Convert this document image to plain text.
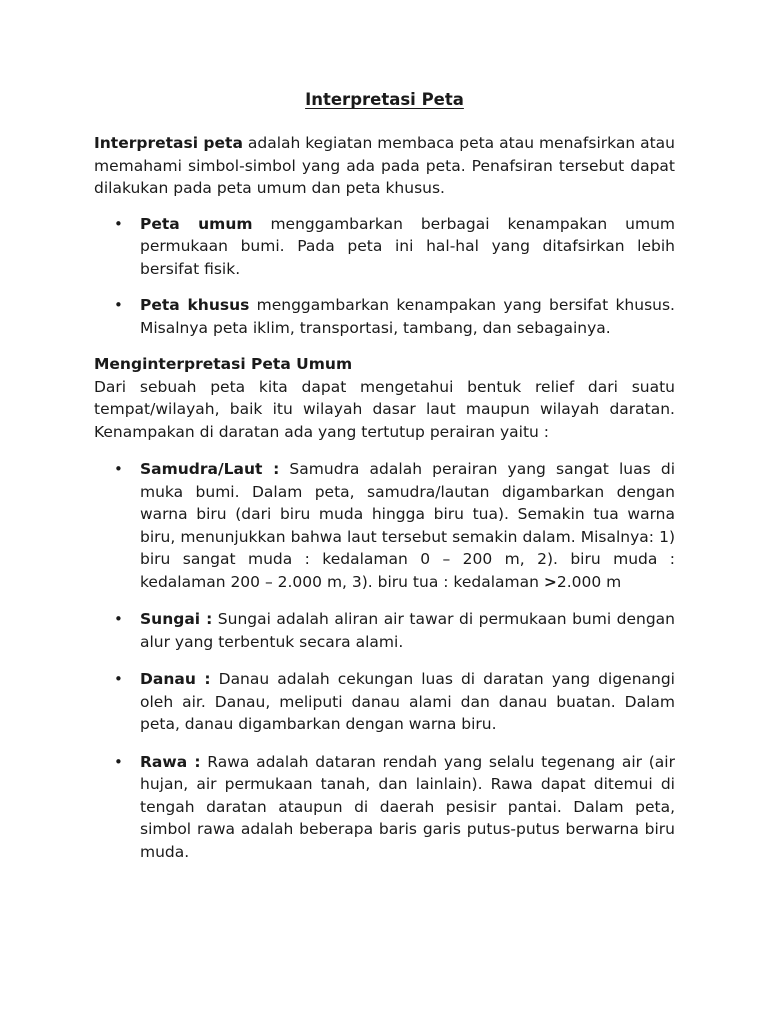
Interpretasi Peta

Interpretasi peta adalah kegiatan membaca peta atau menafsirkan atau memahami simbol-simbol yang ada pada peta. Penafsiran tersebut dapat dilakukan pada peta umum dan peta khusus.

• Peta umum menggambarkan berbagai kenampakan umum permukaan bumi. Pada peta ini hal-hal yang ditafsirkan lebih bersifat fisik.
• Peta khusus menggambarkan kenampakan yang bersifat khusus. Misalnya peta iklim, transportasi, tambang, dan sebagainya.

Menginterpretasi Peta Umum

Dari sebuah peta kita dapat mengetahui bentuk relief dari suatu tempat/wilayah, baik itu wilayah dasar laut maupun wilayah daratan. Kenampakan di daratan ada yang tertutup perairan yaitu :

• Samudra/Laut : Samudra adalah perairan yang sangat luas di muka bumi. Dalam peta, samudra/lautan digambarkan dengan warna biru (dari biru muda hingga biru tua). Semakin tua warna biru, menunjukkan bahwa laut tersebut semakin dalam. Misalnya: 1) biru sangat muda : kedalaman 0 – 200 m, 2). biru muda : kedalaman 200 – 2.000 m, 3). biru tua : kedalaman >2.000 m
• Sungai : Sungai adalah aliran air tawar di permukaan bumi dengan alur yang terbentuk secara alami.
• Danau : Danau adalah cekungan luas di daratan yang digenangi oleh air. Danau, meliputi danau alami dan danau buatan. Dalam peta, danau digambarkan dengan warna biru.
• Rawa : Rawa adalah dataran rendah yang selalu tegenang air (air hujan, air permukaan tanah, dan lainlain). Rawa dapat ditemui di tengah daratan ataupun di daerah pesisir pantai. Dalam peta, simbol rawa adalah beberapa baris garis putus-putus berwarna biru muda.
